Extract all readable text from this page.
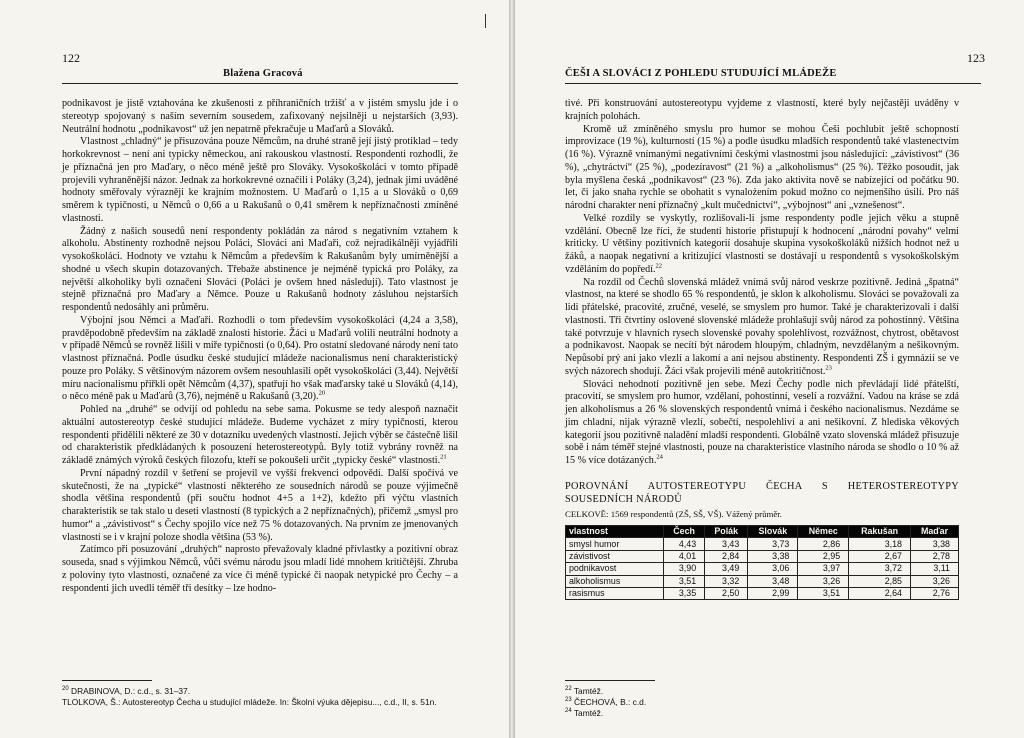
122
Blažena Gracová

podnikavost je jistě vztahována ke zkušenosti z příhraničních tržišť a v jistém smyslu jde i o stereotyp spojovaný s naším severním sousedem, zafixovaný nejsilněji u nejstarších (3,93). Neutrální hodnotu „podnikavost“ už jen nepatrně překračuje u Maďarů a Slováků.

Vlastnost „chladný“ je přisuzována pouze Němcům, na druhé straně její jistý protiklad – tedy horkokrevnost – není ani typicky německou, ani rakouskou vlastností. Respondenti rozhodli, že je příznačná jen pro Maďary, o něco méně ještě pro Slováky. Vysokoškoláci v tomto případě projevili vyhraněnější názor. Jednak za horkokrevné označili i Poláky (3,24), jednak jimi uváděné hodnoty směřovaly výrazněji ke krajním možnostem. U Maďarů o 1,15 a u Slováků o 0,69 směrem k typičnosti, u Němců o 0,66 a u Rakušanů o 0,41 směrem k nepříznačnosti zmíněné vlastnosti.

Žádný z našich sousedů není respondenty pokládán za národ s negativním vztahem k alkoholu. Abstinenty rozhodně nejsou Poláci, Slováci ani Maďaři, což nejradikálněji vyjádřili vysokoškoláci. Hodnoty ve vztahu k Němcům a především k Rakušanům byly umírněnější a shodné u všech skupin dotazovaných. Třebaže abstinence je nejméně typická pro Poláky, za největší alkoholiky byli označeni Slováci (Poláci je ovšem hned následují). Tato vlastnost je stejně příznačná pro Maďary a Němce. Pouze u Rakušanů hodnoty zásluhou nejstarších respondentů nedosáhly ani průměru.

Výbojní jsou Němci a Maďaři. Rozhodli o tom především vysokoškoláci (4,24 a 3,58), pravděpodobně především na základě znalosti historie. Žáci u Maďarů volili neutrální hodnoty a v případě Němců se rovněž lišili v míře typičnosti (o 0,64). Pro ostatní sledované národy není tato vlastnost příznačná. Podle úsudku české studující mládeže nacionalismus není charakteristický pouze pro Poláky. S většinovým názorem ovšem nesouhlasili opět vysokoškoláci (3,44). Největší míru nacionalismu přiřkli opět Němcům (4,37), spatřují ho však maďarsky také u Slováků (4,14), o něco méně pak u Maďarů (3,76), nejméně u Rakušanů (3,20).$^{20}$

Pohled na „druhé“ se odvíjí od pohledu na sebe sama. Pokusme se tedy alespoň naznačit aktuální autostereotyp české studující mládeže. Budeme vycházet z míry typičnosti, kterou respondenti přidělili některé ze 30 v dotazníku uvedených vlastností. Jejich výběr se částečně lišil od charakteristik předkládaných k posouzení heterostereotypů. Byly totiž vybrány rovněž na základě známých výroků českých filozofu, kteří se pokoušeli určit „typicky české“ vlastnosti.$^{21}$

První nápadný rozdíl v šetření se projevil ve vyšší frekvenci odpovědí. Další spočívá ve skutečnosti, že na „typické“ vlastnosti některého ze sousedních národů se pouze výjimečně shodla většina respondentů (při součtu hodnot 4+5 a 1+2), kdežto při výčtu vlastních charakteristik se tak stalo u deseti vlastností (8 typických a 2 nepříznačných), přičemž „smysl pro humor“ a „závistivost“ s Čechy spojilo více než 75 % dotazovaných. Na prvním ze jmenovaných vlastností se i v krajní poloze shodla většina (53 %).

Zatímco při posuzování „druhých“ naprosto převažovaly kladné přívlastky a pozitivní obraz souseda, snad s výjimkou Němců, vůči svému národu jsou mladí lidé mnohem kritičtější. Zhruba z poloviny tyto vlastnosti, označené za více či méně typické či naopak netypické pro Čechy – a respondenti jich uvedli téměř tři desítky – lze hodno-

$^{20}$ DRABINOVA, D.: c.d., s. 31–37.
TLOLKOVA, Š.: Autostereotyp Čecha u studující mládeže. In: Školní výuka dějepisu..., c.d., II, s. 51n.
123
ČEŠI A SLOVÁCI Z POHLEDU STUDUJÍCÍ MLÁDEŽE

tivé. Při konstruování autostereotypu vyjdeme z vlastností, které byly nejčastěji uváděny v krajních polohách.

Kromě už zmíněného smyslu pro humor se mohou Češi pochlubit ještě schopností improvizace (19 %), kulturností (15 %) a podle úsudku mladších respondentů také vlastenectvím (16 %). Výrazně vnímanými negativními českými vlastnostmi jsou následující: „závistivost“ (36 %), „chytráctví“ (25 %), „podezíravost“ (21 %) a „alkoholismus“ (25 %). Těžko posoudit, jak byla myšlena česká „podnikavost“ (23 %). Zda jako aktivita nově se nabízející od počátku 90. let, či jako snaha rychle se obohatit s vynalożením pokud možno co nejmenšího úsilí. Pro náš národní charakter není příznačný „kult mučednictví“, „výbojnost“ ani „vznešenost“.

Velké rozdíly se vyskytly, rozlišovali-li jsme respondenty podle jejich věku a stupně vzdělání. Obecně lze říci, že studenti historie přistupují k hodnocení „národní povahy“ velmi kriticky. U většiny pozitivních kategorií dosahuje skupina vysokoškoláků nižších hodnot než u žáků, a naopak negativní a kritizující vlastnosti se dostávají u respondentů s vysokoškolským vzděláním do popředí.$^{22}$

Na rozdíl od Čechů slovenská mládež vnímá svůj národ veskrze pozitivně. Jediná „špatná“ vlastnost, na které se shodlo 65 % respondentů, je sklon k alkoholismu. Slováci se považovali za lidi přátelské, pracovité, zručné, veselé, se smyslem pro humor. Také je charakterizovali i další vlastnosti. Tři čtvrtiny oslovené slovenské mládeže prohlašují svůj národ za pohostinný. Většina také potvrzuje v hlavních rysech slovenské povahy spolehlivost, rozvážnost, chytrost, obětavost a podnikavost. Naopak se necítí být národem hloupým, chladným, nevzdělaným a nešikovným. Nepůsobí prý ani jako vlezlí a lakomí a ani nejsou abstinenty. Respondenti ZŠ i gymnázií se ve svých názorech shodují. Žáci však projevili méně autokritičnost.$^{23}$

Slováci nehodnotí pozitivně jen sebe. Mezi Čechy podle nich převládají lidé přátelští, pracovití, se smyslem pro humor, vzdělaní, pohostinní, veselí a rozvážní. Vadou na kráse se zdá jen alkoholismus a 26 % slovenských respondentů vnímá i českého nacionalismus. Nezdáme se jim chladní, nijak výrazně vlezlí, sobečtí, nespolehliví a ani nešikovní. Z hlediska věkových kategorií jsou pozitivně naladění mladší respondenti. Globálně vzato slovenská mládež přisuzuje sobě i nám téměř stejné vlastnosti, pouze na charakteristice vlastního národa se shodlo o 10 % až 15 % více dotázaných.$^{24}$

POROVNÁNÍ AUTOSTEREOTYPU ČECHA S HETEROSTEREOTYPY SOUSEDNÍCH NÁRODŮ
CELKOVĚ: 1569 respondentů (ZŠ, SŠ, VŠ). Vážený průměr.
vlastnost	Čech	Polák	Slovák	Němec	Rakušan	Maďar
smysl humor	4,43	3,43	3,73	2,86	3,18	3,38
závistivost	4,01	2,84	3,38	2,95	2,67	2,78
podnikavost	3,90	3,49	3,06	3,97	3,72	3,11
alkoholismus	3,51	3,32	3,48	3,26	2,85	3,26
rasismus	3,35	2,50	2,99	3,51	2,64	2,76
$^{22}$ Tamtéž.
$^{23}$ ČECHOVÁ, B.: c.d.
$^{24}$ Tamtéž.
